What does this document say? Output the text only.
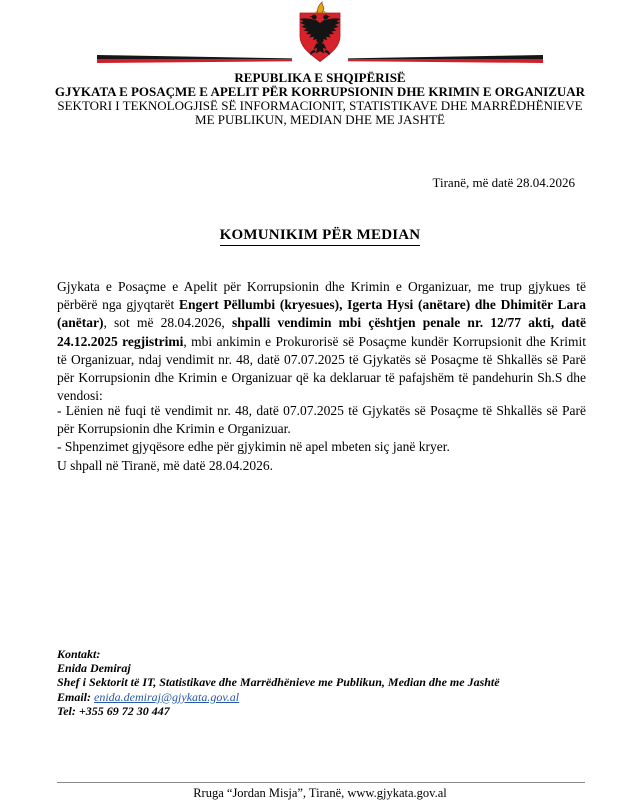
REPUBLIKA E SHQIPËRISË
GJYKATA E POSAÇME E APELIT PËR KORRUPSIONIN DHE KRIMIN E ORGANIZUAR
SEKTORI I TEKNOLOGJISË SË INFORMACIONIT, STATISTIKAVE DHE MARRËDHËNIEVE ME PUBLIKUN, MEDIAN DHE ME JASHTË
Tiranë, më datë 28.04.2026
KOMUNIKIM PËR MEDIAN
Gjykata e Posaçme e Apelit për Korrupsionin dhe Krimin e Organizuar, me trup gjykues të përbërë nga gjyqtarët Engert Pëllumbi (kryesues), Igerta Hysi (anëtare) dhe Dhimitër Lara (anëtar), sot më 28.04.2026, shpalli vendimin mbi çështjen penale nr. 12/77 akti, datë 24.12.2025 regjistrimi, mbi ankimin e Prokurorisë së Posaçme kundër Korrupsionit dhe Krimit të Organizuar, ndaj vendimit nr. 48, datë 07.07.2025 të Gjykatës së Posaçme të Shkallës së Parë për Korrupsionin dhe Krimin e Organizuar që ka deklaruar të pafajshëm të pandehurin Sh.S dhe vendosi:
- Lënien në fuqi të vendimit nr. 48, datë 07.07.2025 të Gjykatës së Posaçme të Shkallës së Parë për Korrupsionin dhe Krimin e Organizuar.
- Shpenzimet gjyqësore edhe për gjykimin në apel mbeten siç janë kryer.
U shpall në Tiranë, më datë 28.04.2026.
Kontakt:
Enida Demiraj
Shef i Sektorit të IT, Statistikave dhe Marrëdhënieve me Publikun, Median dhe me Jashtë
Email: enida.demiraj@gjykata.gov.al
Tel: +355 69 72 30 447
Rruga “Jordan Misja”, Tiranë, www.gjykata.gov.al
